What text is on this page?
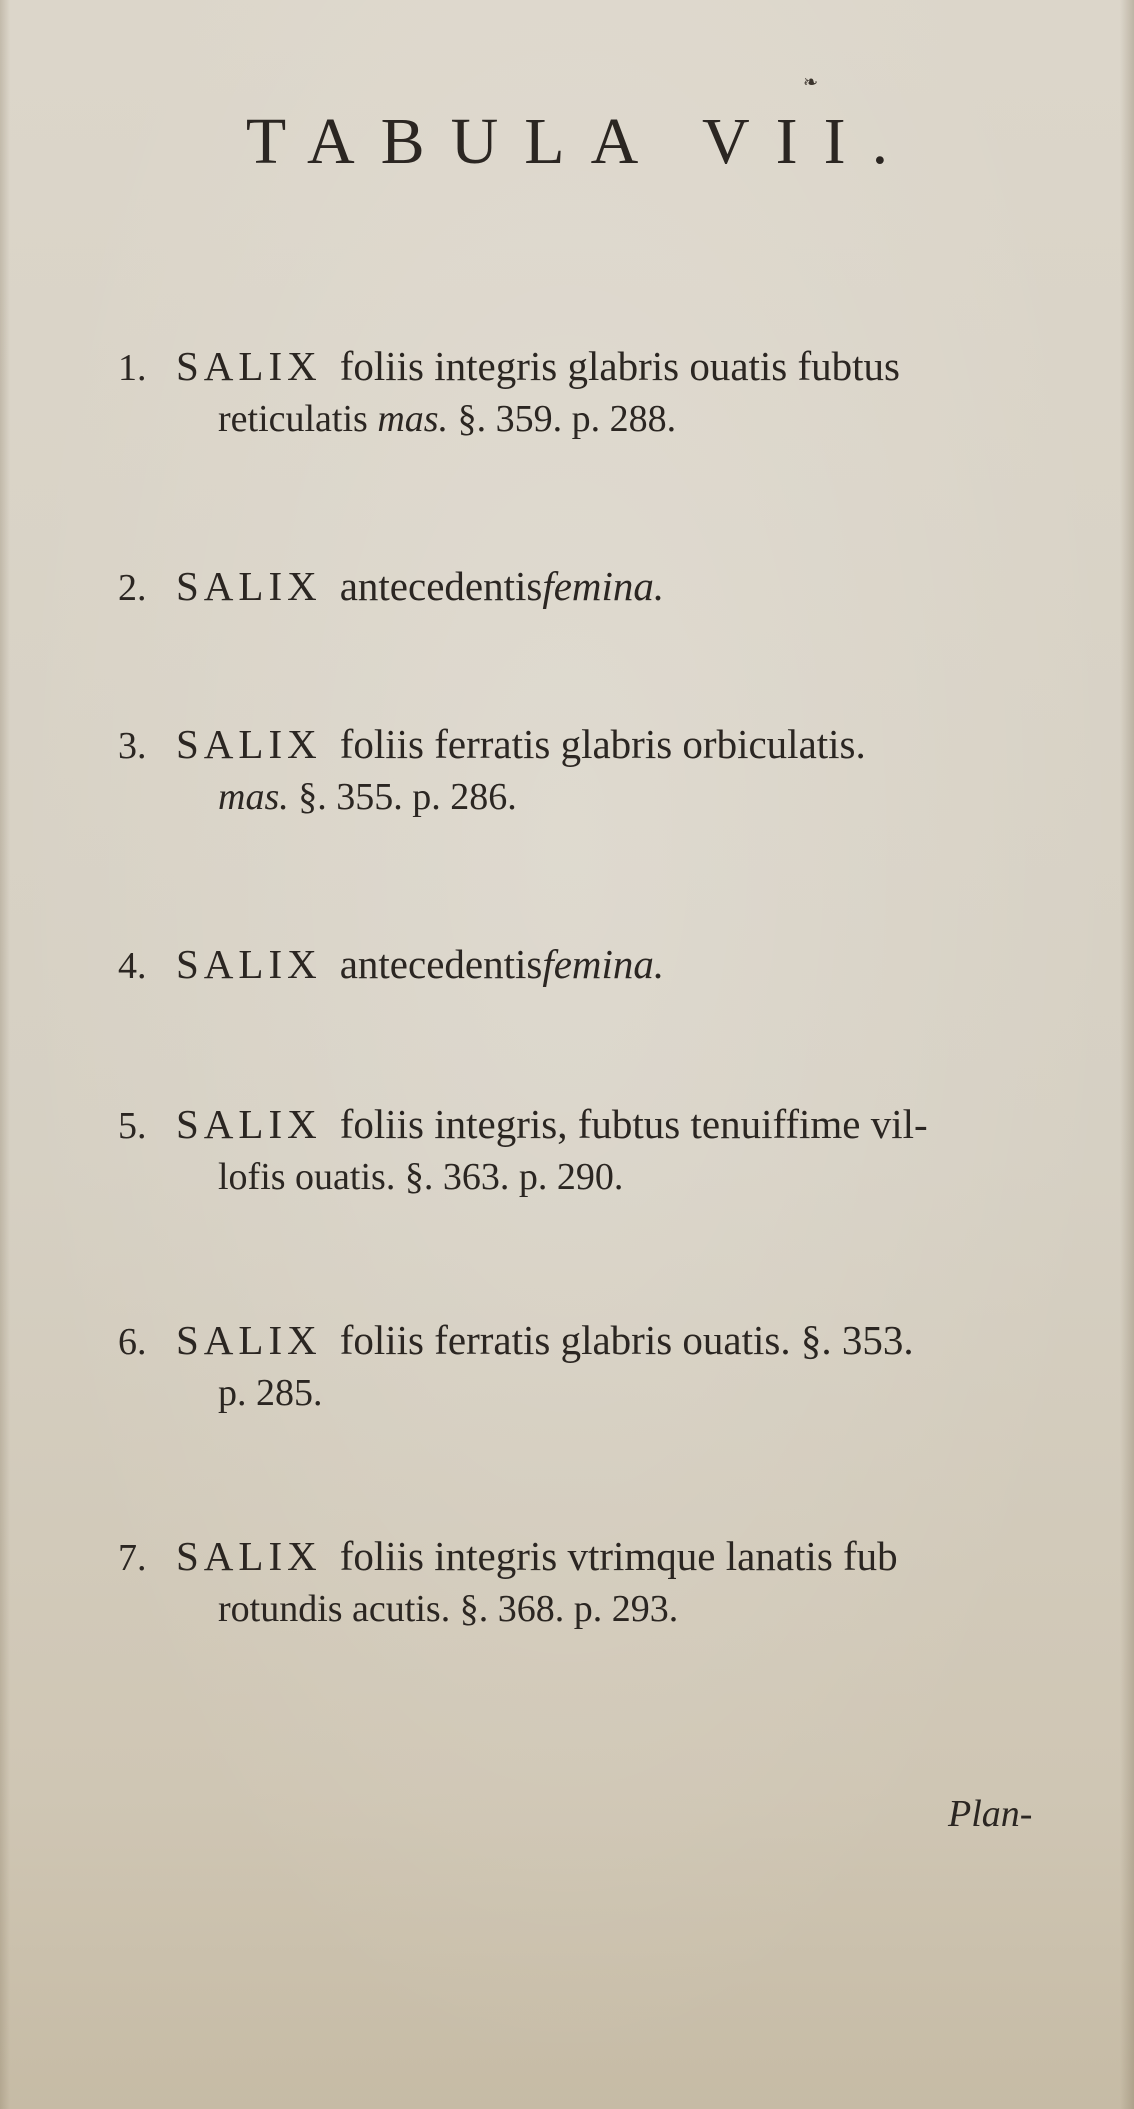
❧
TABULA VII.
1. SALIX foliis integris glabris ouatis fubtus
reticulatis mas. §. 359. p. 288.
2. SALIX antecedentis femina.
3. SALIX foliis ferratis glabris orbiculatis.
mas. §. 355. p. 286.
4. SALIX antecedentis femina.
5. SALIX foliis integris, fubtus tenuiffime vil-
lofis ouatis. §. 363. p. 290.
6. SALIX foliis ferratis glabris ouatis. §. 353.
p. 285.
7. SALIX foliis integris vtrimque lanatis fub
rotundis acutis. §. 368. p. 293.
Plan-
